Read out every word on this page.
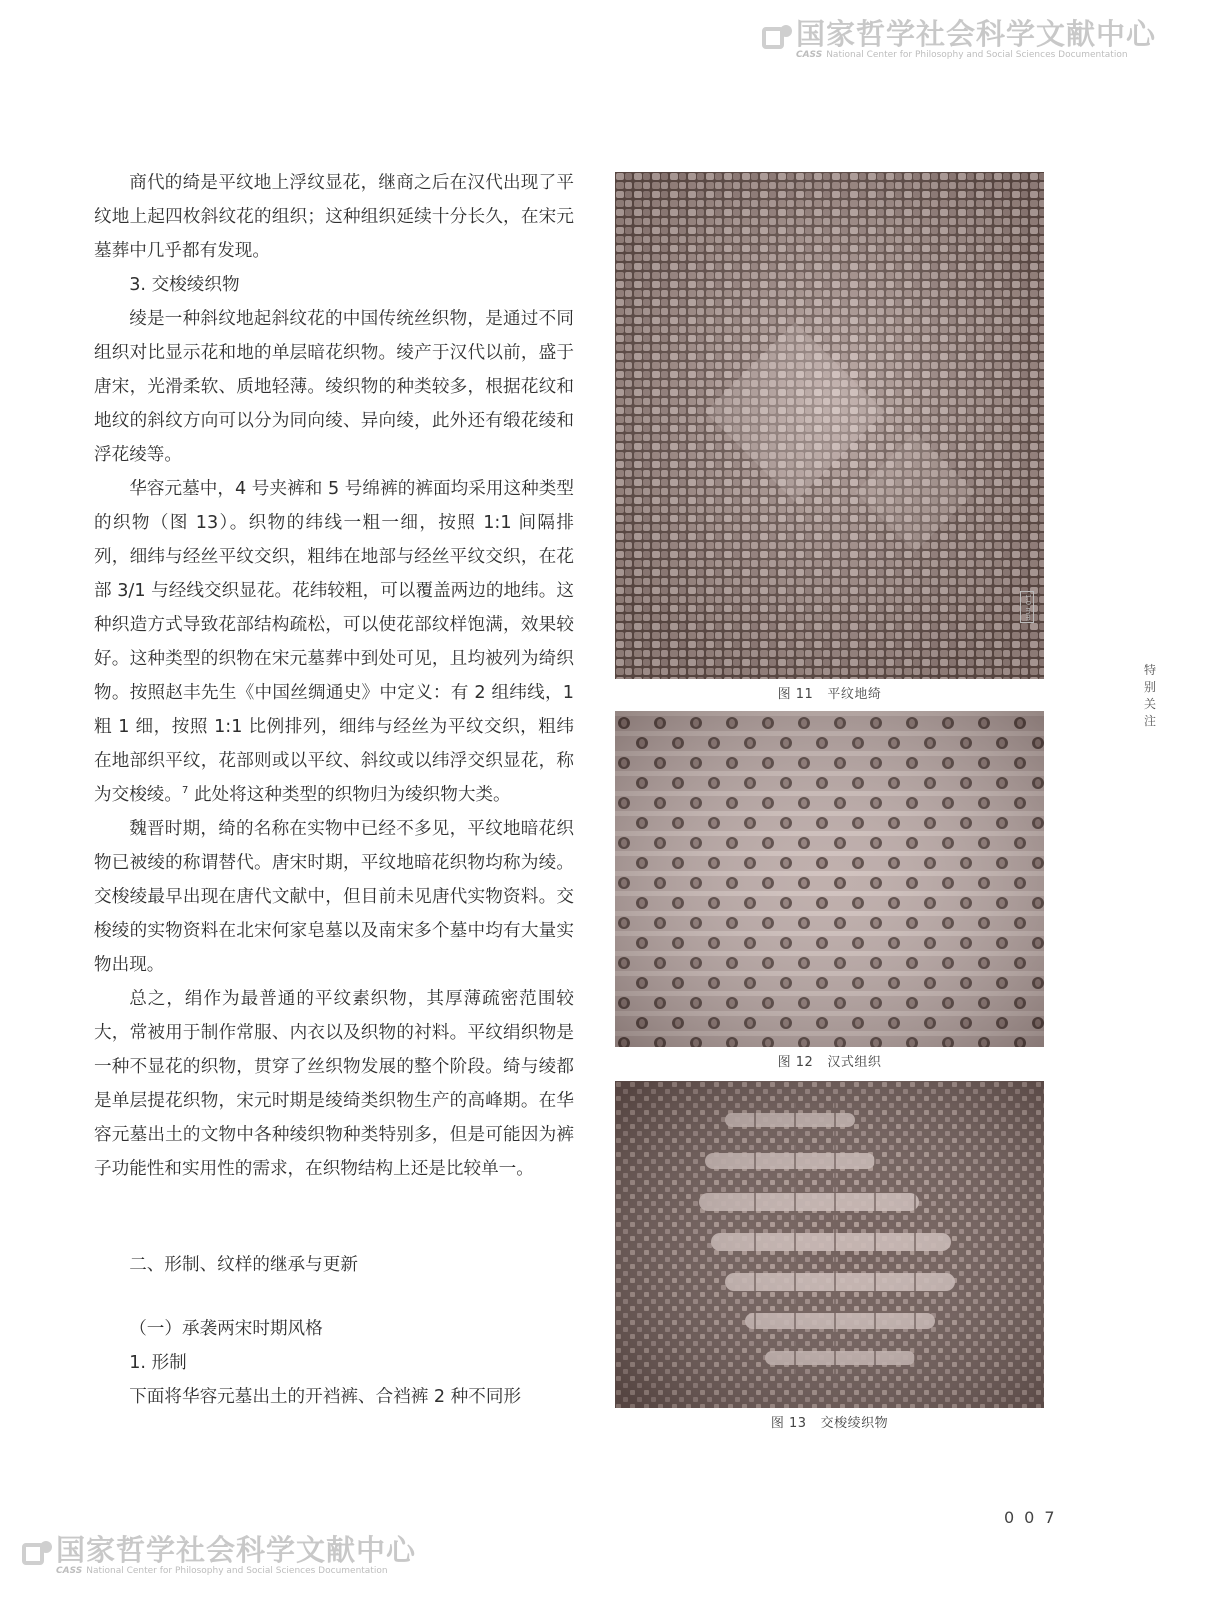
国家哲学社会科学文献中心
CASS National Center for Philosophy and Social Sciences Documentation

商代的绮是平纹地上浮纹显花，继商之后在汉代出现了平纹地上起四枚斜纹花的组织；这种组织延续十分长久，在宋元墓葬中几乎都有发现。

3. 交梭绫织物

绫是一种斜纹地起斜纹花的中国传统丝织物，是通过不同组织对比显示花和地的单层暗花织物。绫产于汉代以前，盛于唐宋，光滑柔软、质地轻薄。绫织物的种类较多，根据花纹和地纹的斜纹方向可以分为同向绫、异向绫，此外还有缎花绫和浮花绫等。

华容元墓中，4 号夹裤和 5 号绵裤的裤面均采用这种类型的织物（图 13）。织物的纬线一粗一细，按照 1:1 间隔排列，细纬与经丝平纹交织，粗纬在地部与经丝平纹交织，在花部 3/1 与经线交织显花。花纬较粗，可以覆盖两边的地纬。这种织造方式导致花部结构疏松，可以使花部纹样饱满，效果较好。这种类型的织物在宋元墓葬中到处可见，且均被列为绮织物。按照赵丰先生《中国丝绸通史》中定义：有 2 组纬线，1 粗 1 细，按照 1:1 比例排列，细纬与经丝为平纹交织，粗纬在地部织平纹，花部则或以平纹、斜纹或以纬浮交织显花，称为交梭绫。$^7$ 此处将这种类型的织物归为绫织物大类。

魏晋时期，绮的名称在实物中已经不多见，平纹地暗花织物已被绫的称谓替代。唐宋时期，平纹地暗花织物均称为绫。交梭绫最早出现在唐代文献中，但目前未见唐代实物资料。交梭绫的实物资料在北宋何家皂墓以及南宋多个墓中均有大量实物出现。

总之，绢作为最普通的平纹素织物，其厚薄疏密范围较大，常被用于制作常服、内衣以及织物的衬料。平纹绢织物是一种不显花的织物，贯穿了丝织物发展的整个阶段。绮与绫都是单层提花织物，宋元时期是绫绮类织物生产的高峰期。在华容元墓出土的文物中各种绫织物种类特别多，但是可能因为裤子功能性和实用性的需求，在织物结构上还是比较单一。

二、形制、纹样的继承与更新
（一）承袭两宋时期风格
1. 形制

下面将华容元墓出土的开裆裤、合裆裤 2 种不同形

1.0 mm
图 11 平纹地绮
图 12 汉式组织
图 13 交梭绫织物
特别关注
007
国家哲学社会科学文献中心
CASS National Center for Philosophy and Social Sciences Documentation
